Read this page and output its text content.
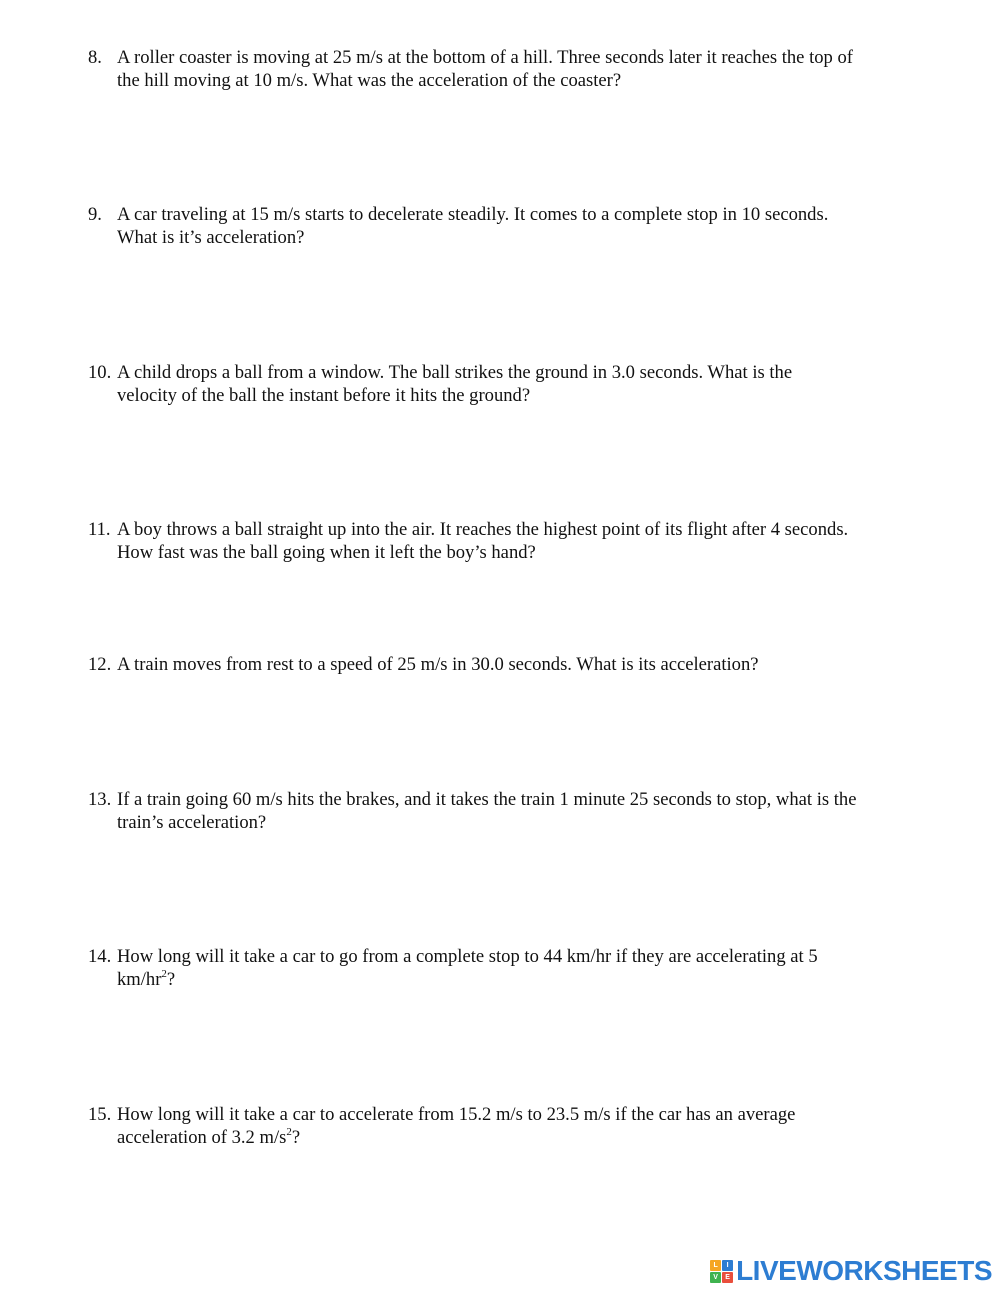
8. A roller coaster is moving at 25 m/s at the bottom of a hill. Three seconds later it reaches the top of
the hill moving at 10 m/s. What was the acceleration of the coaster?
9. A car traveling at 15 m/s starts to decelerate steadily. It comes to a complete stop in 10 seconds.
What is it’s acceleration?
10. A child drops a ball from a window. The ball strikes the ground in 3.0 seconds. What is the
velocity of the ball the instant before it hits the ground?
11. A boy throws a ball straight up into the air. It reaches the highest point of its flight after 4 seconds.
How fast was the ball going when it left the boy’s hand?
12. A train moves from rest to a speed of 25 m/s in 30.0 seconds. What is its acceleration?
13. If a train going 60 m/s hits the brakes, and it takes the train 1 minute 25 seconds to stop, what is the
train’s acceleration?
14. How long will it take a car to go from a complete stop to 44 km/hr if they are accelerating at 5
$km/hr^2$?
15. How long will it take a car to accelerate from 15.2 m/s to 23.5 m/s if the car has an average
acceleration of 3.2 $m/s^2$?
L	I
V	E LIVEWORKSHEETS
